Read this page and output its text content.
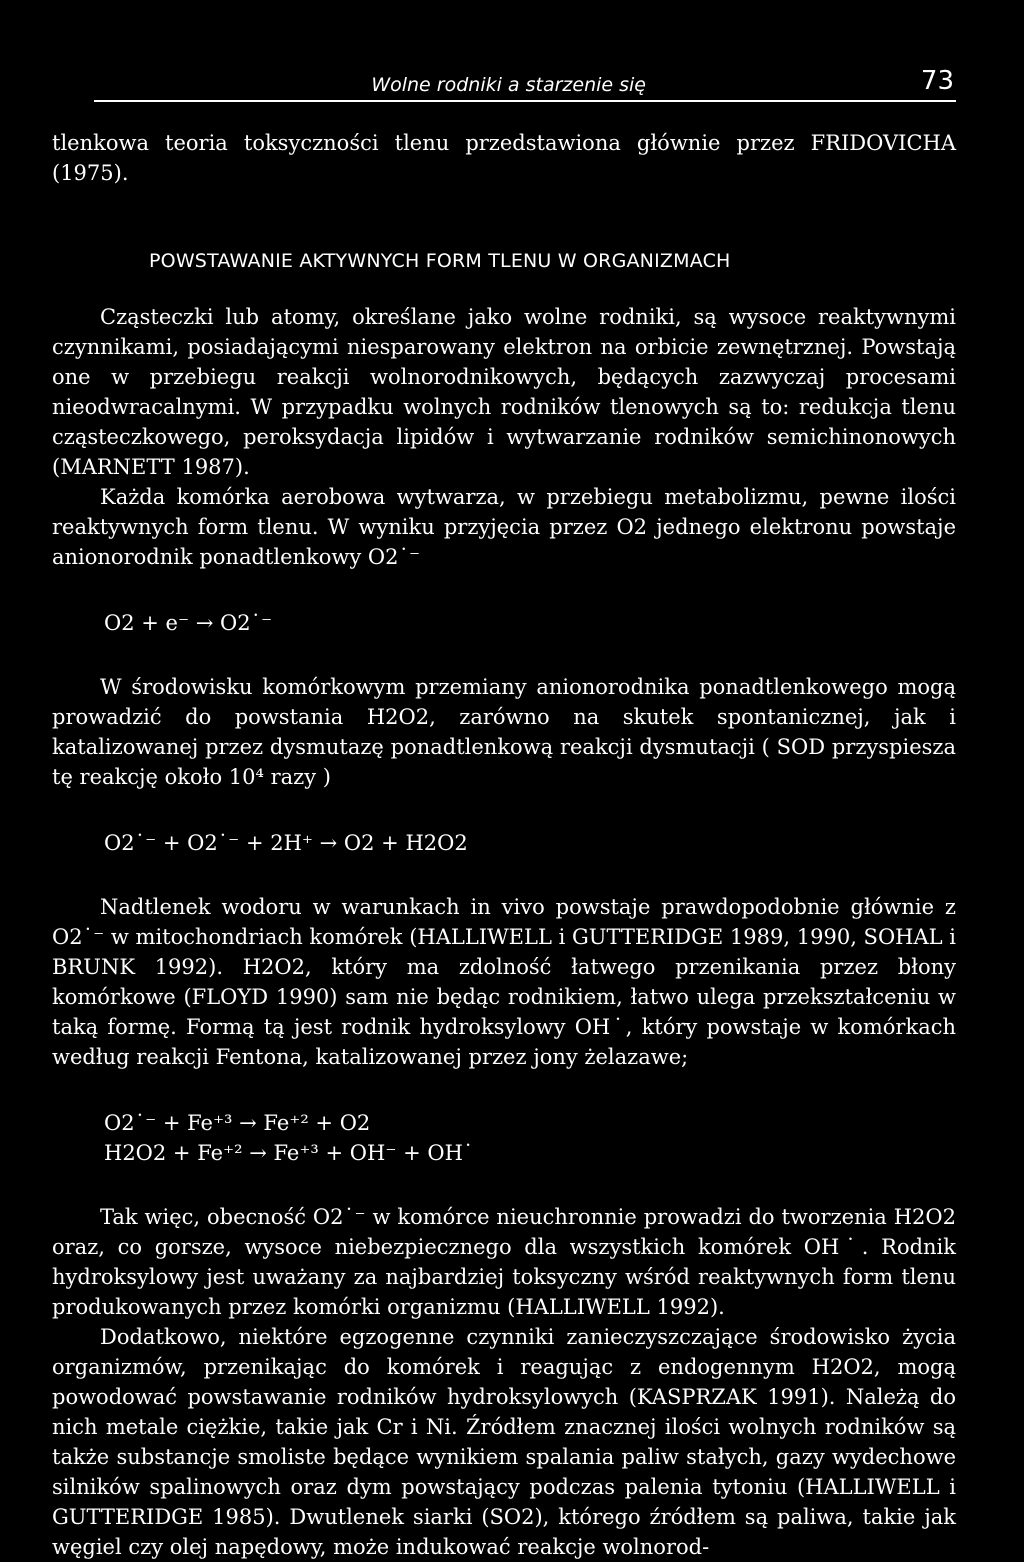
Wolne rodniki a starzenie się	73

tlenkowa teoria toksyczności tlenu przedstawiona głównie przez FRIDOVICHA (1975).

POWSTAWANIE AKTYWNYCH FORM TLENU W ORGANIZMACH

Cząsteczki lub atomy, określane jako wolne rodniki, są wysoce reaktywnymi czynnikami, posiadającymi niesparowany elektron na orbicie zewnętrznej. Powstają one w przebiegu reakcji wolnorodnikowych, będących zazwyczaj procesami nieodwracalnymi. W przypadku wolnych rodników tlenowych są to: redukcja tlenu cząsteczkowego, peroksydacja lipidów i wytwarzanie rodników semichinonowych (MARNETT 1987).

Każda komórka aerobowa wytwarza, w przebiegu metabolizmu, pewne ilości reaktywnych form tlenu. W wyniku przyjęcia przez O2 jednego elektronu powstaje anionorodnik ponadtlenkowy O2˙⁻

O2 + e⁻ → O2˙⁻

W środowisku komórkowym przemiany anionorodnika ponadtlenkowego mogą prowadzić do powstania H2O2, zarówno na skutek spontanicznej, jak i katalizowanej przez dysmutazę ponadtlenkową reakcji dysmutacji ( SOD przyspiesza tę reakcję około 10⁴ razy )

O2˙⁻ + O2˙⁻ + 2H⁺ → O2 + H2O2

Nadtlenek wodoru w warunkach in vivo powstaje prawdopodobnie głównie z O2˙⁻ w mitochondriach komórek (HALLIWELL i GUTTERIDGE 1989, 1990, SOHAL i BRUNK 1992). H2O2, który ma zdolność łatwego przenikania przez błony komórkowe (FLOYD 1990) sam nie będąc rodnikiem, łatwo ulega przekształceniu w taką formę. Formą tą jest rodnik hydroksylowy OH˙, który powstaje w komórkach według reakcji Fentona, katalizowanej przez jony żelazawe;

O2˙⁻ + Fe⁺³ → Fe⁺² + O2
H2O2 + Fe⁺² → Fe⁺³ + OH⁻ + OH˙

Tak więc, obecność O2˙⁻ w komórce nieuchronnie prowadzi do tworzenia H2O2 oraz, co gorsze, wysoce niebezpiecznego dla wszystkich komórek OH˙. Rodnik hydroksylowy jest uważany za najbardziej toksyczny wśród reaktywnych form tlenu produkowanych przez komórki organizmu (HALLIWELL 1992).

Dodatkowo, niektóre egzogenne czynniki zanieczyszczające środowisko życia organizmów, przenikając do komórek i reagując z endogennym H2O2, mogą powodować powstawanie rodników hydroksylowych (KASPRZAK 1991). Należą do nich metale ciężkie, takie jak Cr i Ni. Źródłem znacznej ilości wolnych rodników są także substancje smoliste będące wynikiem spalania paliw stałych, gazy wydechowe silników spalinowych oraz dym powstający podczas palenia tytoniu (HALLIWELL i GUTTERIDGE 1985). Dwutlenek siarki (SO2), którego źródłem są paliwa, takie jak węgiel czy olej napędowy, może indukować reakcje wolnorod-
